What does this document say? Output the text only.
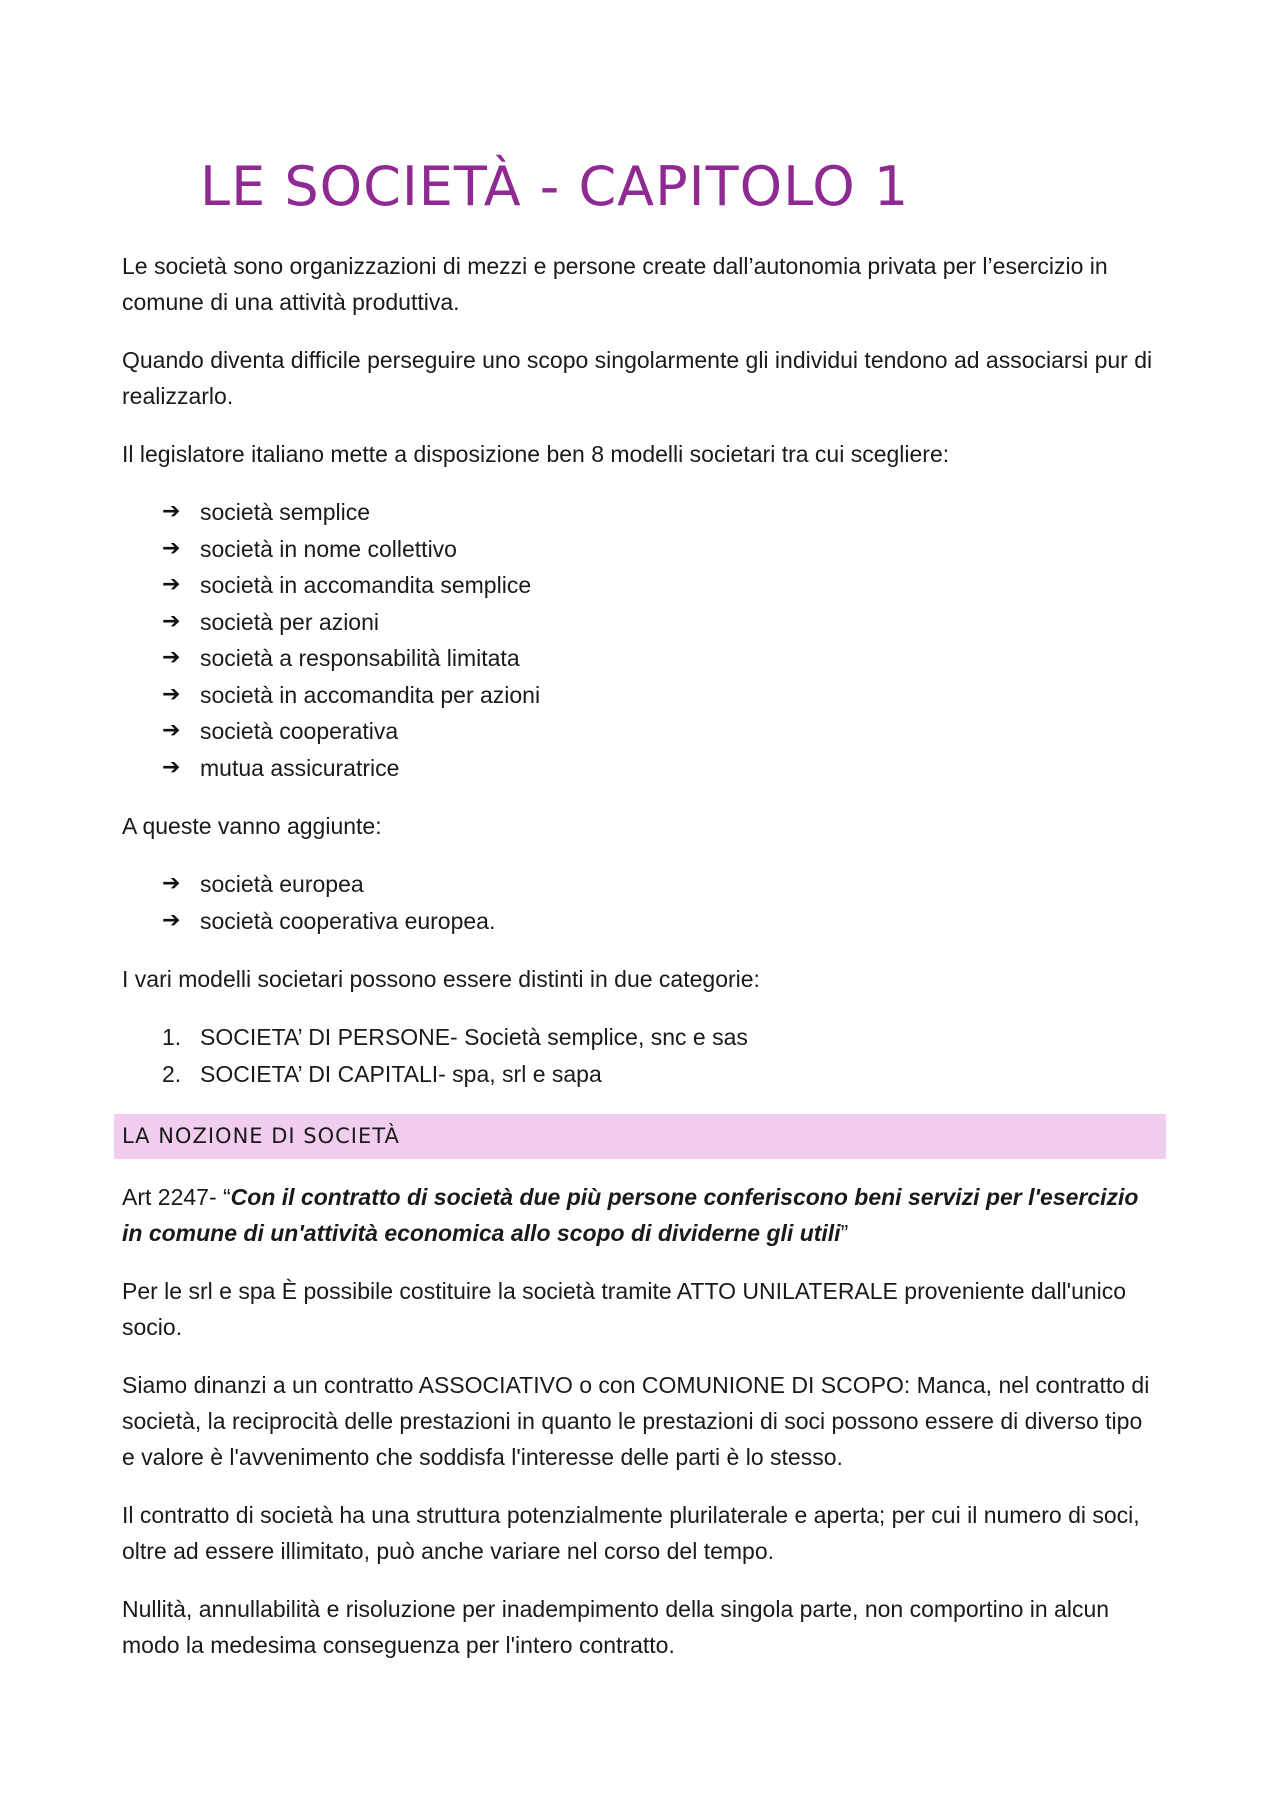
LE SOCIETÀ - CAPITOLO 1

Le società sono organizzazioni di mezzi e persone create dall’autonomia privata per l’esercizio in comune di una attività produttiva.

Quando diventa difficile perseguire uno scopo singolarmente gli individui tendono ad associarsi pur di realizzarlo.

Il legislatore italiano mette a disposizione ben 8 modelli societari tra cui scegliere:

➔ società semplice
➔ società in nome collettivo
➔ società in accomandita semplice
➔ società per azioni
➔ società a responsabilità limitata
➔ società in accomandita per azioni
➔ società cooperativa
➔ mutua assicuratrice

A queste vanno aggiunte:

➔ società europea
➔ società cooperativa europea.

I vari modelli societari possono essere distinti in due categorie:

1. SOCIETA’ DI PERSONE- Società semplice, snc e sas
2. SOCIETA’ DI CAPITALI- spa, srl e sapa
LA NOZIONE DI SOCIETÀ

Art 2247- “Con il contratto di società due più persone conferiscono beni servizi per l'esercizio in comune di un'attività economica allo scopo di dividerne gli utili”

Per le srl e spa È possibile costituire la società tramite ATTO UNILATERALE proveniente dall'unico socio.

Siamo dinanzi a un contratto ASSOCIATIVO o con COMUNIONE DI SCOPO: Manca, nel contratto di società, la reciprocità delle prestazioni in quanto le prestazioni di soci possono essere di diverso tipo e valore è l'avvenimento che soddisfa l'interesse delle parti è lo stesso.

Il contratto di società ha una struttura potenzialmente plurilaterale e aperta; per cui il numero di soci, oltre ad essere illimitato, può anche variare nel corso del tempo.

Nullità, annullabilità e risoluzione per inadempimento della singola parte, non comportino in alcun modo la medesima conseguenza per l'intero contratto.
